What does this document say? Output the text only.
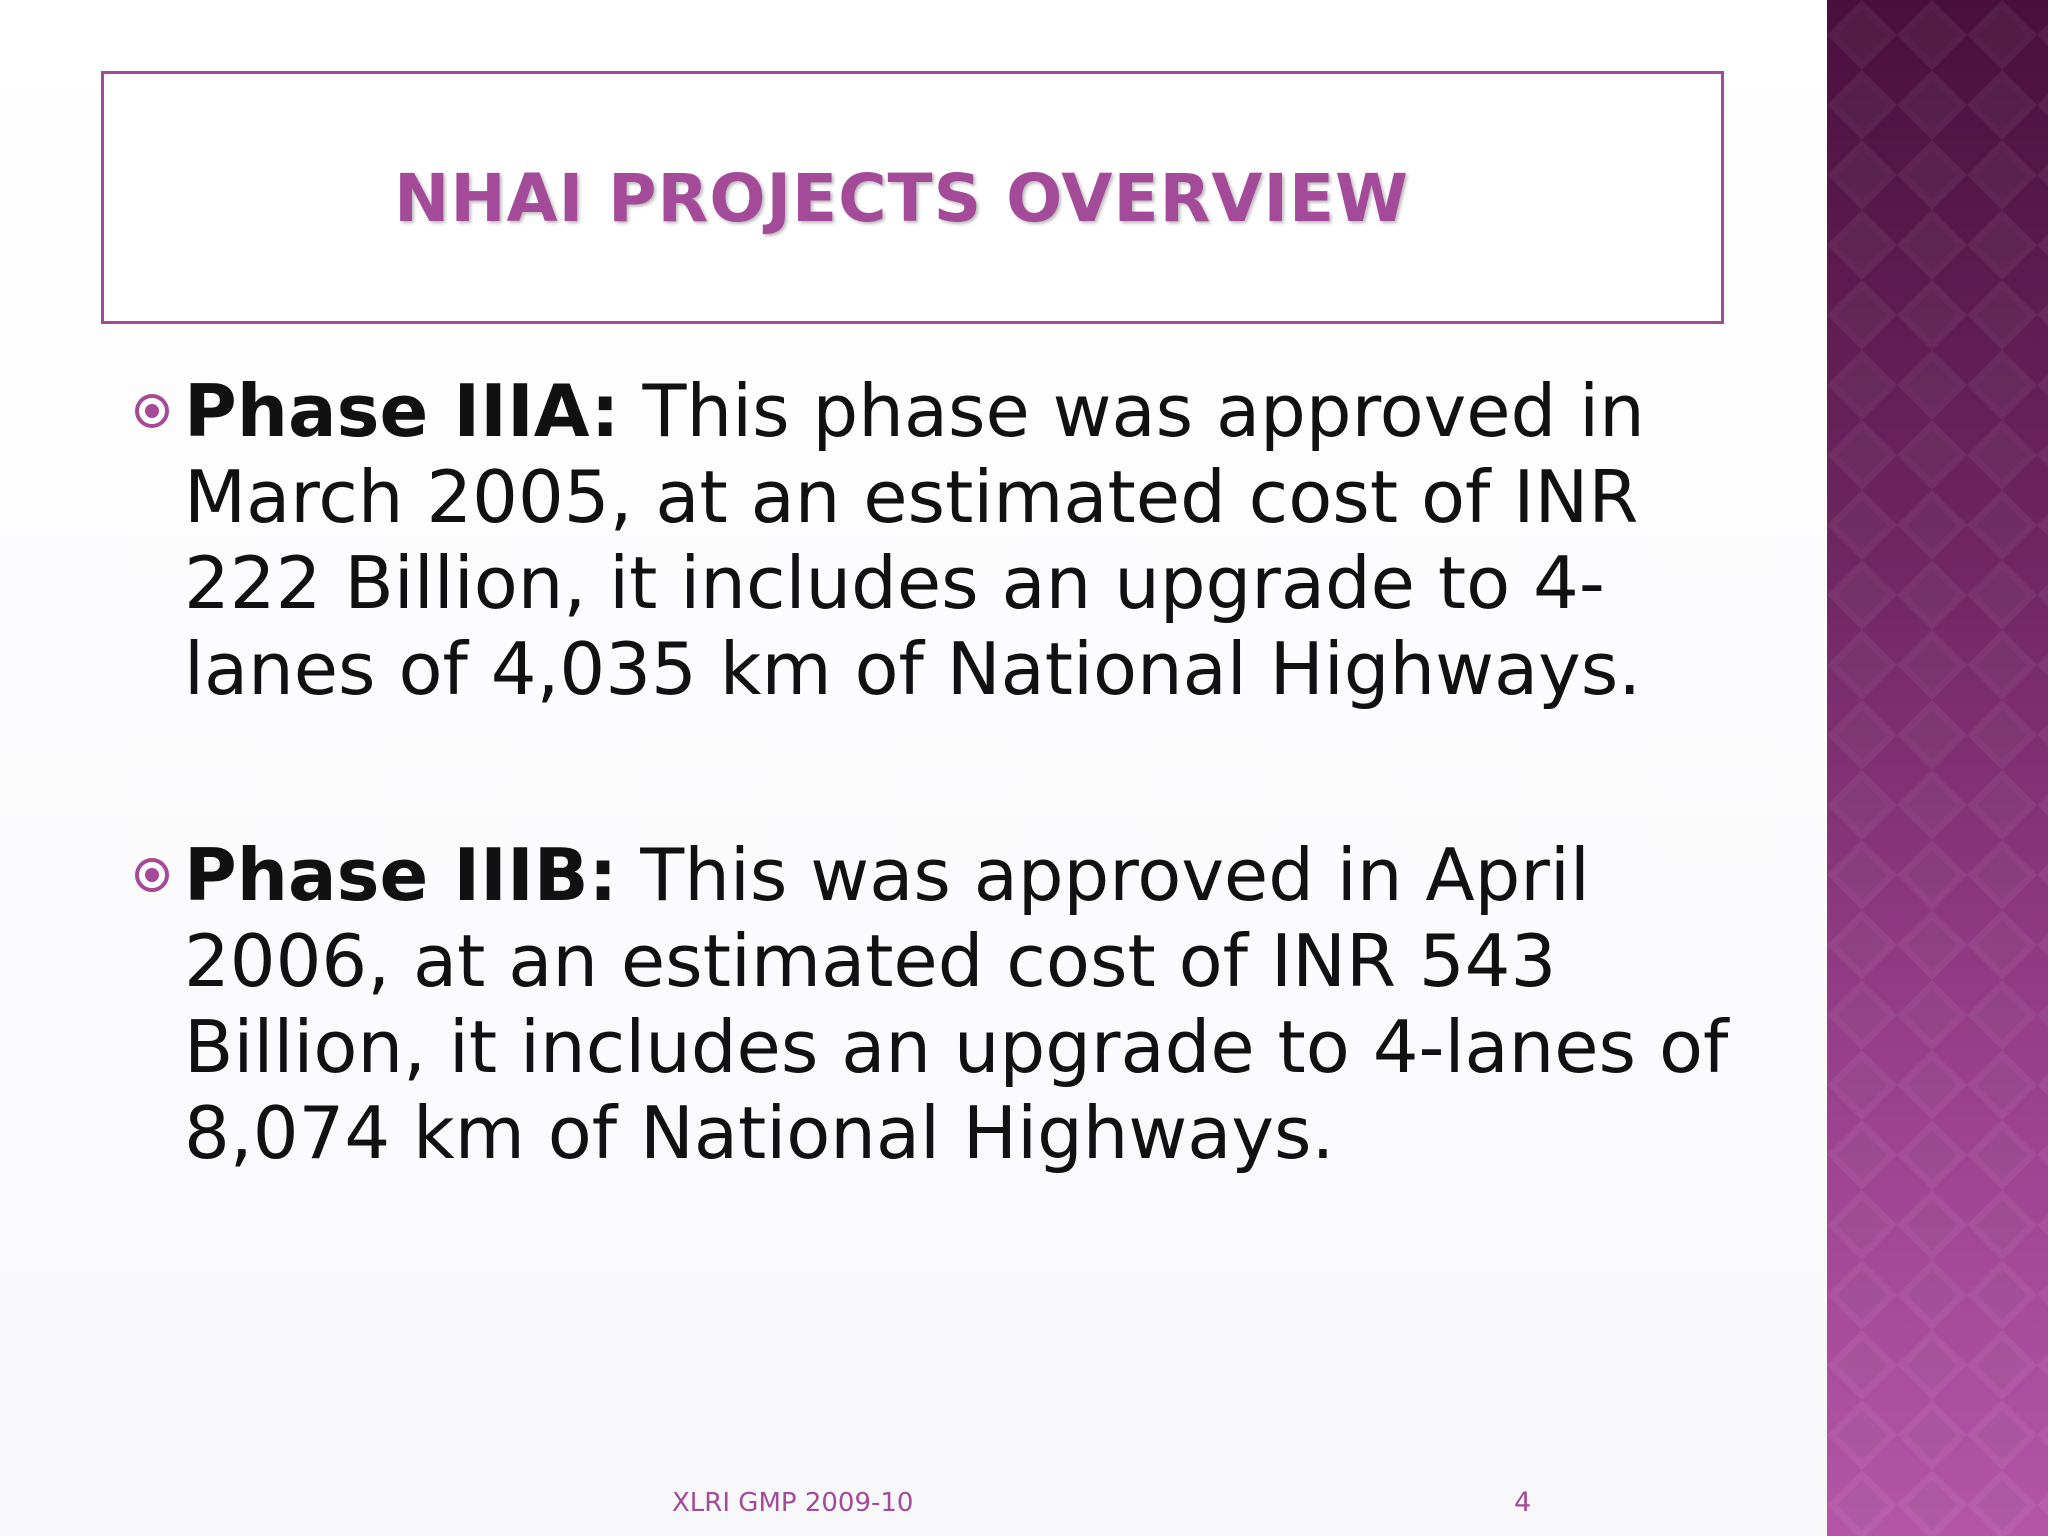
NHAI PROJECTS OVERVIEW
Phase IIIA: This phase was approved in March 2005, at an estimated cost of INR 222 Billion, it includes an upgrade to 4-lanes of 4,035 km of National Highways.
Phase IIIB: This was approved in April 2006, at an estimated cost of INR 543 Billion, it includes an upgrade to 4-lanes of 8,074 km of National Highways.
XLRI GMP 2009-10	4
